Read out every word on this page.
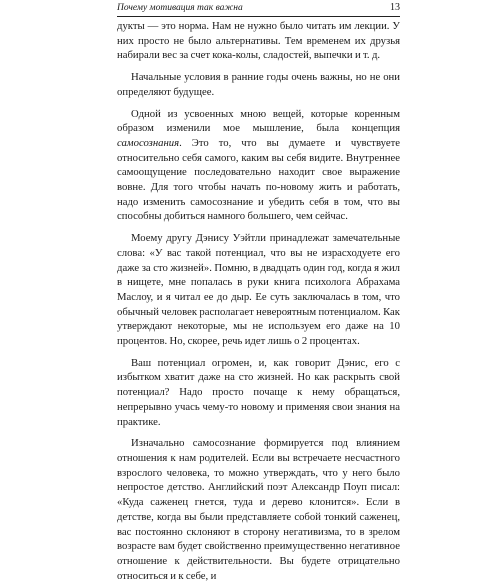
Почему мотивация так важна	13

дукты — это норма. Нам не нужно было читать им лекции. У них просто не было альтернативы. Тем временем их друзья набирали вес за счет кока-колы, сладостей, выпечки и т. д.

Начальные условия в ранние годы очень важны, но не они определяют будущее.

Одной из усвоенных мною вещей, которые коренным образом изменили мое мышление, была концепция самосознания. Это то, что вы думаете и чувствуете относительно себя самого, каким вы себя видите. Внутреннее самоощущение последовательно находит свое выражение вовне. Для того чтобы начать по-новому жить и работать, надо изменить самосознание и убедить себя в том, что вы способны добиться намного большего, чем сейчас.

Моему другу Дэнису Уэйтли принадлежат замечательные слова: «У вас такой потенциал, что вы не израсходуете его даже за сто жизней». Помню, в двадцать один год, когда я жил в нищете, мне попалась в руки книга психолога Абрахама Маслоу, и я читал ее до дыр. Ее суть заключалась в том, что обычный человек располагает невероятным потенциалом. Как утверждают некоторые, мы не используем его даже на 10 процентов. Но, скорее, речь идет лишь о 2 процентах.

Ваш потенциал огромен, и, как говорит Дэнис, его с избытком хватит даже на сто жизней. Но как раскрыть свой потенциал? Надо просто почаще к нему обращаться, непрерывно учась чему-то новому и применяя свои знания на практике.

Изначально самосознание формируется под влиянием отношения к нам родителей. Если вы встречаете несчастного взрослого человека, то можно утверждать, что у него было непростое детство. Английский поэт Александр Поуп писал: «Куда саженец гнется, туда и дерево клонится». Если в детстве, когда вы были представляете собой тонкий саженец, вас постоянно склоняют в сторону негативизма, то в зрелом возрасте вам будет свойственно преимущественно негативное отношение к действительности. Вы будете отрицательно относиться и к себе, и
